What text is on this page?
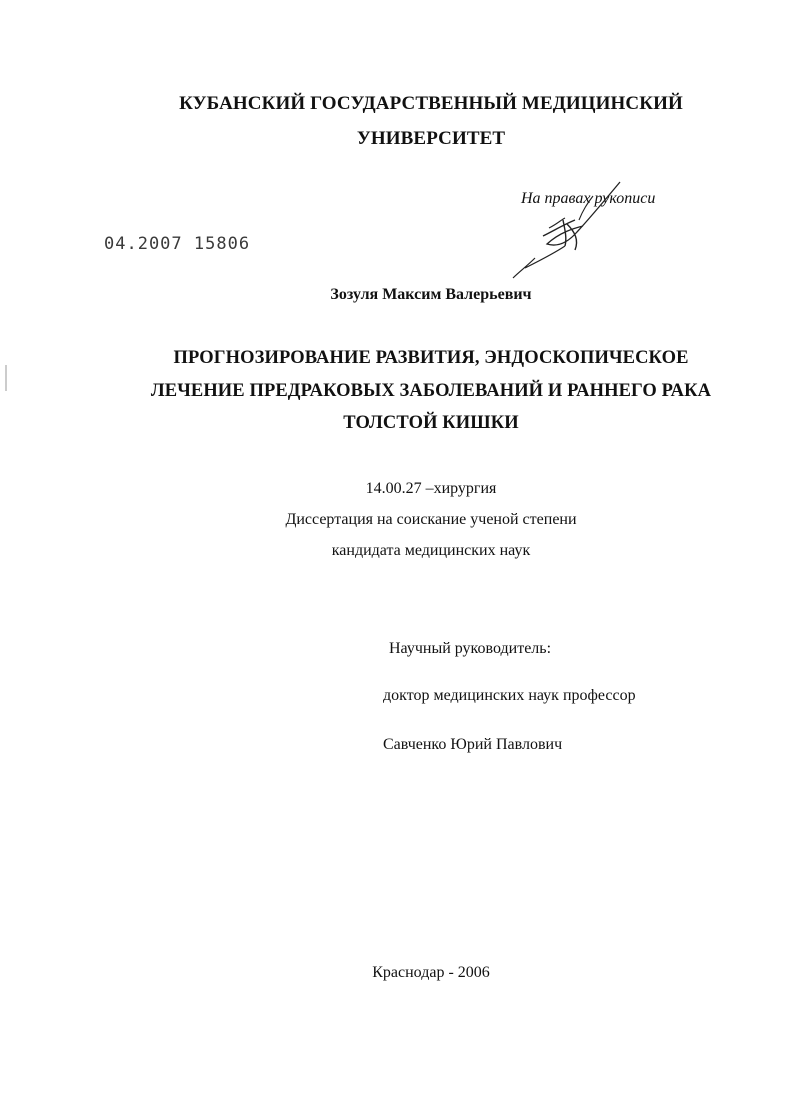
КУБАНСКИЙ ГОСУДАРСТВЕННЫЙ МЕДИЦИНСКИЙ
УНИВЕРСИТЕТ
На правах рукописи
04.2007 15806
Зозуля Максим Валерьевич
ПРОГНОЗИРОВАНИЕ РАЗВИТИЯ, ЭНДОСКОПИЧЕСКОЕ
ЛЕЧЕНИЕ ПРЕДРАКОВЫХ ЗАБОЛЕВАНИЙ И РАННЕГО РАКА
ТОЛСТОЙ КИШКИ
14.00.27 –хирургия
Диссертация на соискание ученой степени
кандидата медицинских наук
Научный руководитель:
доктор медицинских наук профессор
Савченко Юрий Павлович
Краснодар - 2006
